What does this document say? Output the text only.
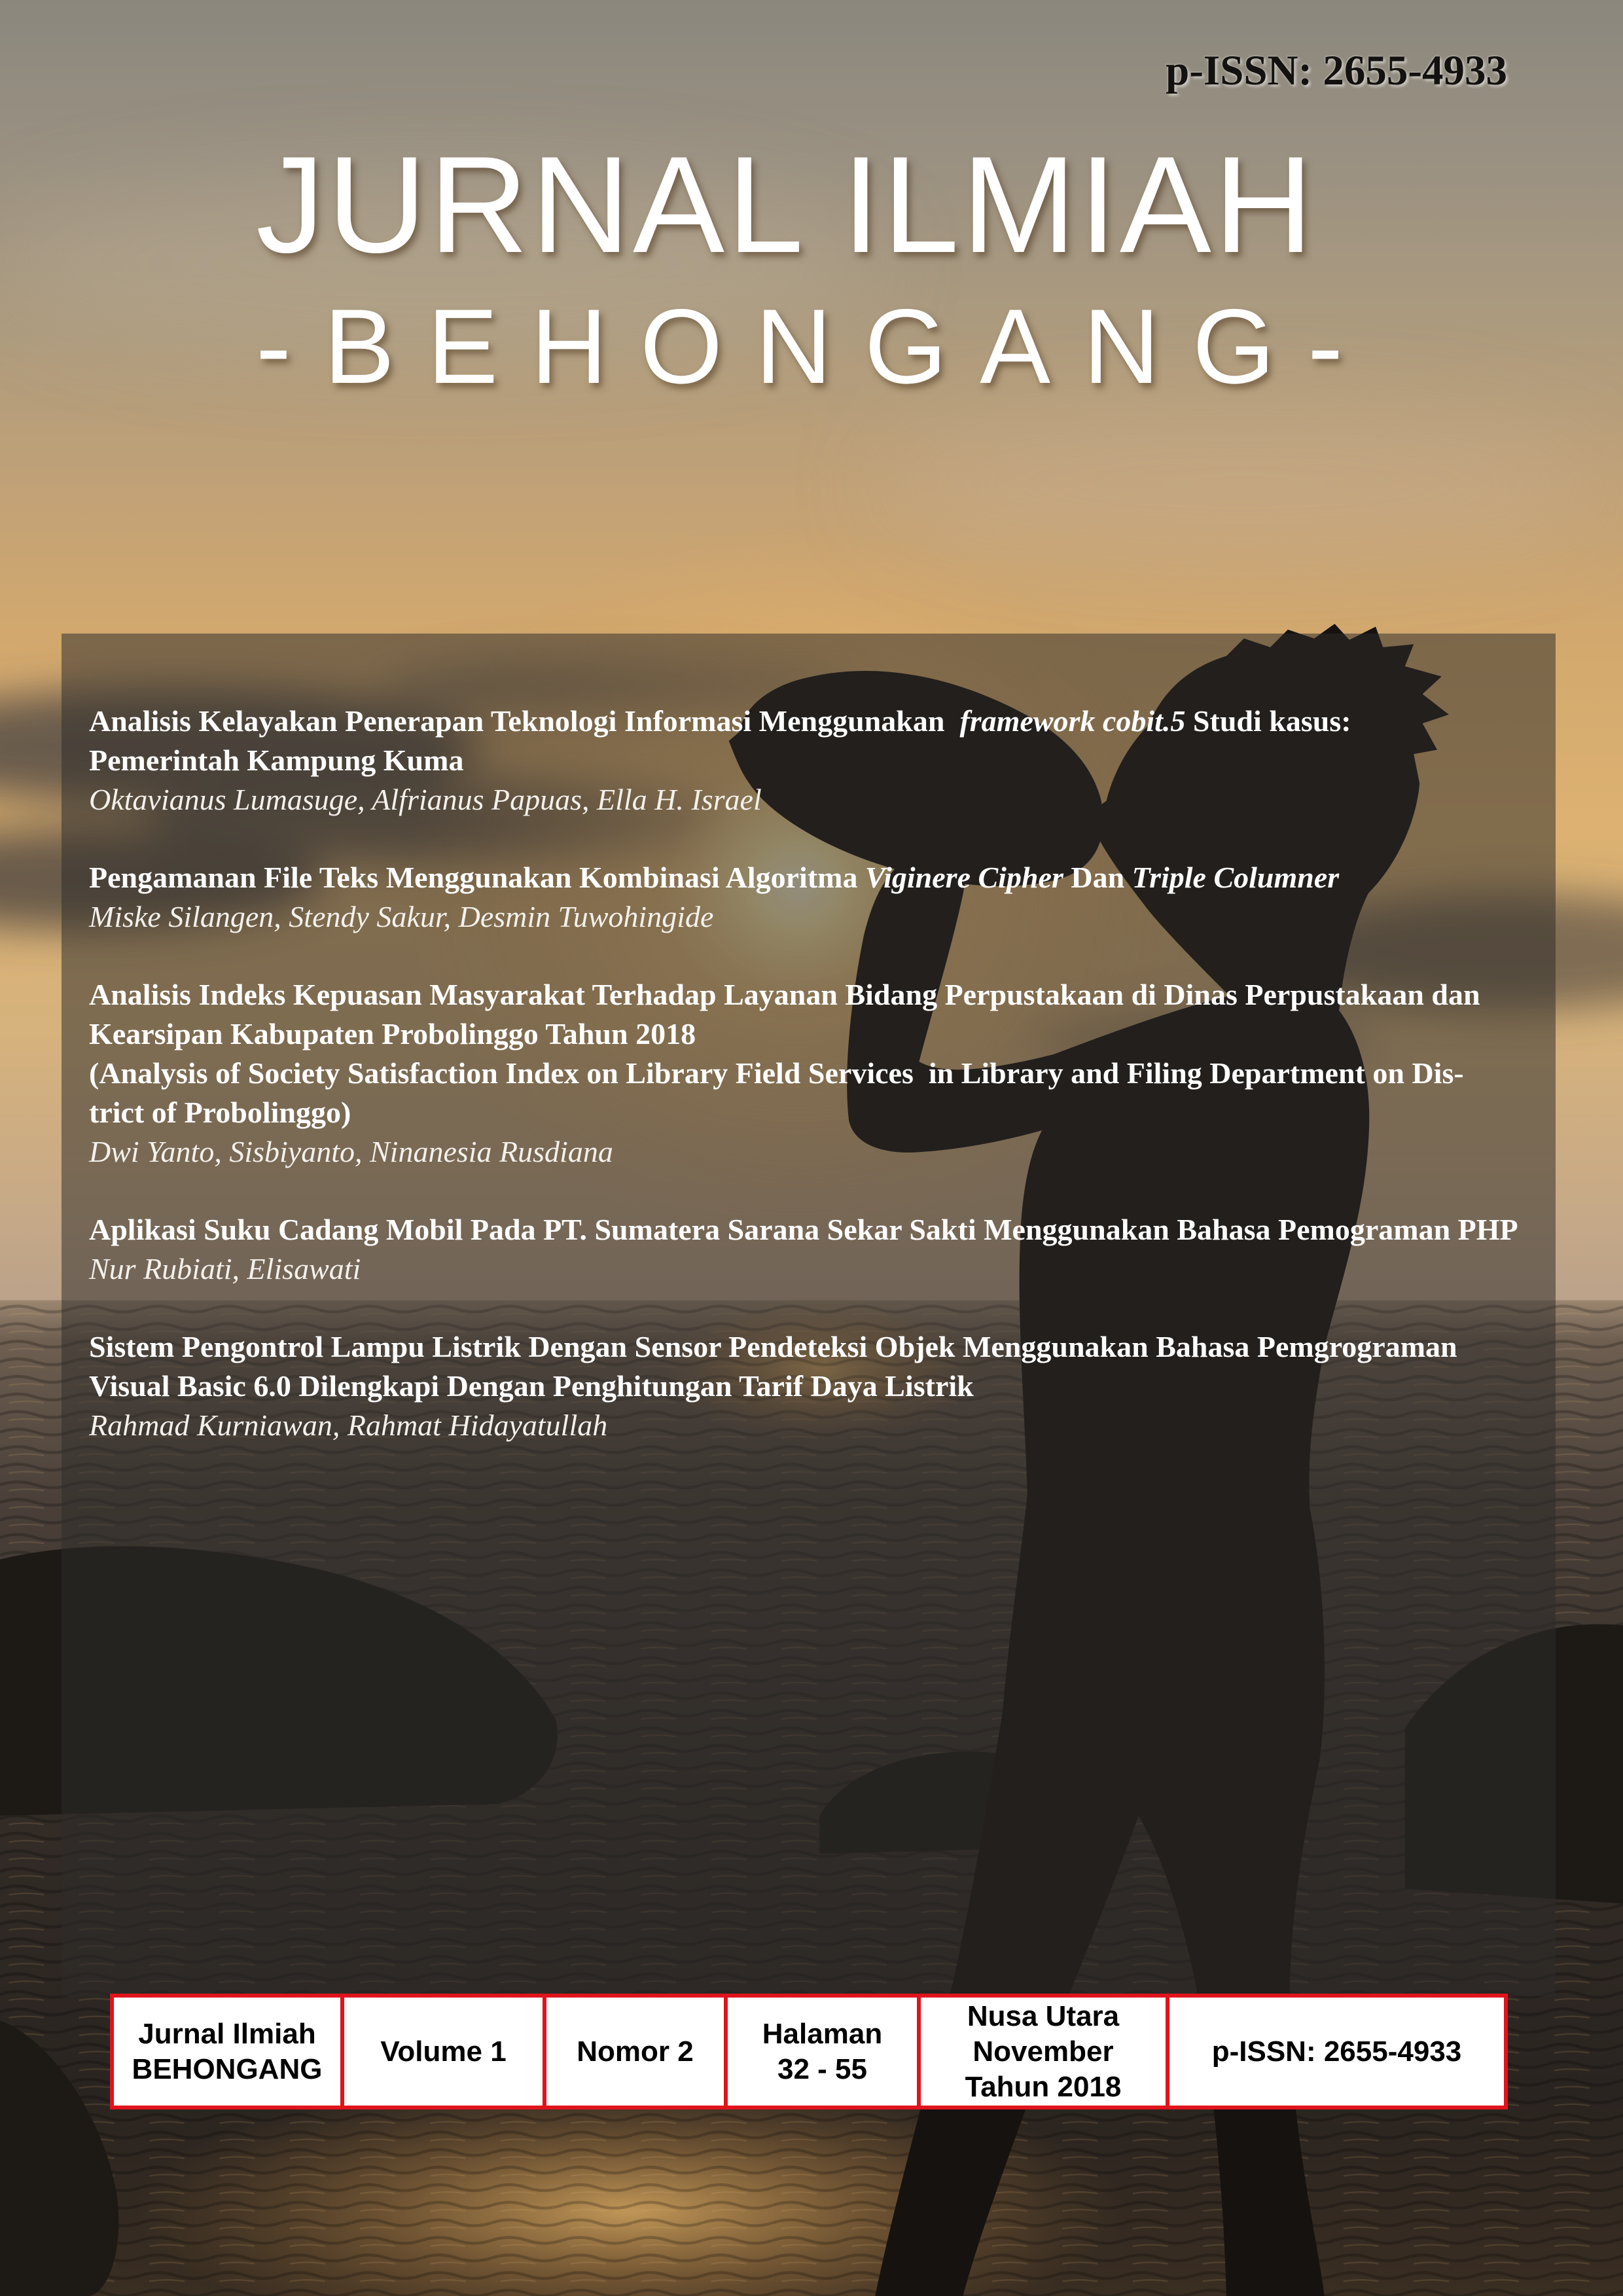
p-ISSN: 2655-4933
JURNAL ILMIAH
-BEHONGANG-
Analisis Kelayakan Penerapan Teknologi Informasi Menggunakan  framework cobit.5 Studi kasus:
Pemerintah Kampung Kuma
Oktavianus Lumasuge, Alfrianus Papuas, Ella H. Israel
Pengamanan File Teks Menggunakan Kombinasi Algoritma Viginere Cipher Dan Triple Columner
Miske Silangen, Stendy Sakur, Desmin Tuwohingide
Analisis Indeks Kepuasan Masyarakat Terhadap Layanan Bidang Perpustakaan di Dinas Perpustakaan dan
Kearsipan Kabupaten Probolinggo Tahun 2018
(Analysis of Society Satisfaction Index on Library Field Services  in Library and Filing Department on Dis-
trict of Probolinggo)
Dwi Yanto, Sisbiyanto, Ninanesia Rusdiana
Aplikasi Suku Cadang Mobil Pada PT. Sumatera Sarana Sekar Sakti Menggunakan Bahasa Pemograman PHP
Nur Rubiati, Elisawati
Sistem Pengontrol Lampu Listrik Dengan Sensor Pendeteksi Objek Menggunakan Bahasa Pemgrograman
Visual Basic 6.0 Dilengkapi Dengan Penghitungan Tarif Daya Listrik
Rahmad Kurniawan, Rahmat Hidayatullah
Jurnal Ilmiah
BEHONGANG
Volume 1 Nomor 2
Halaman
32 - 55
Nusa Utara
November
Tahun 2018
p-ISSN: 2655-4933
